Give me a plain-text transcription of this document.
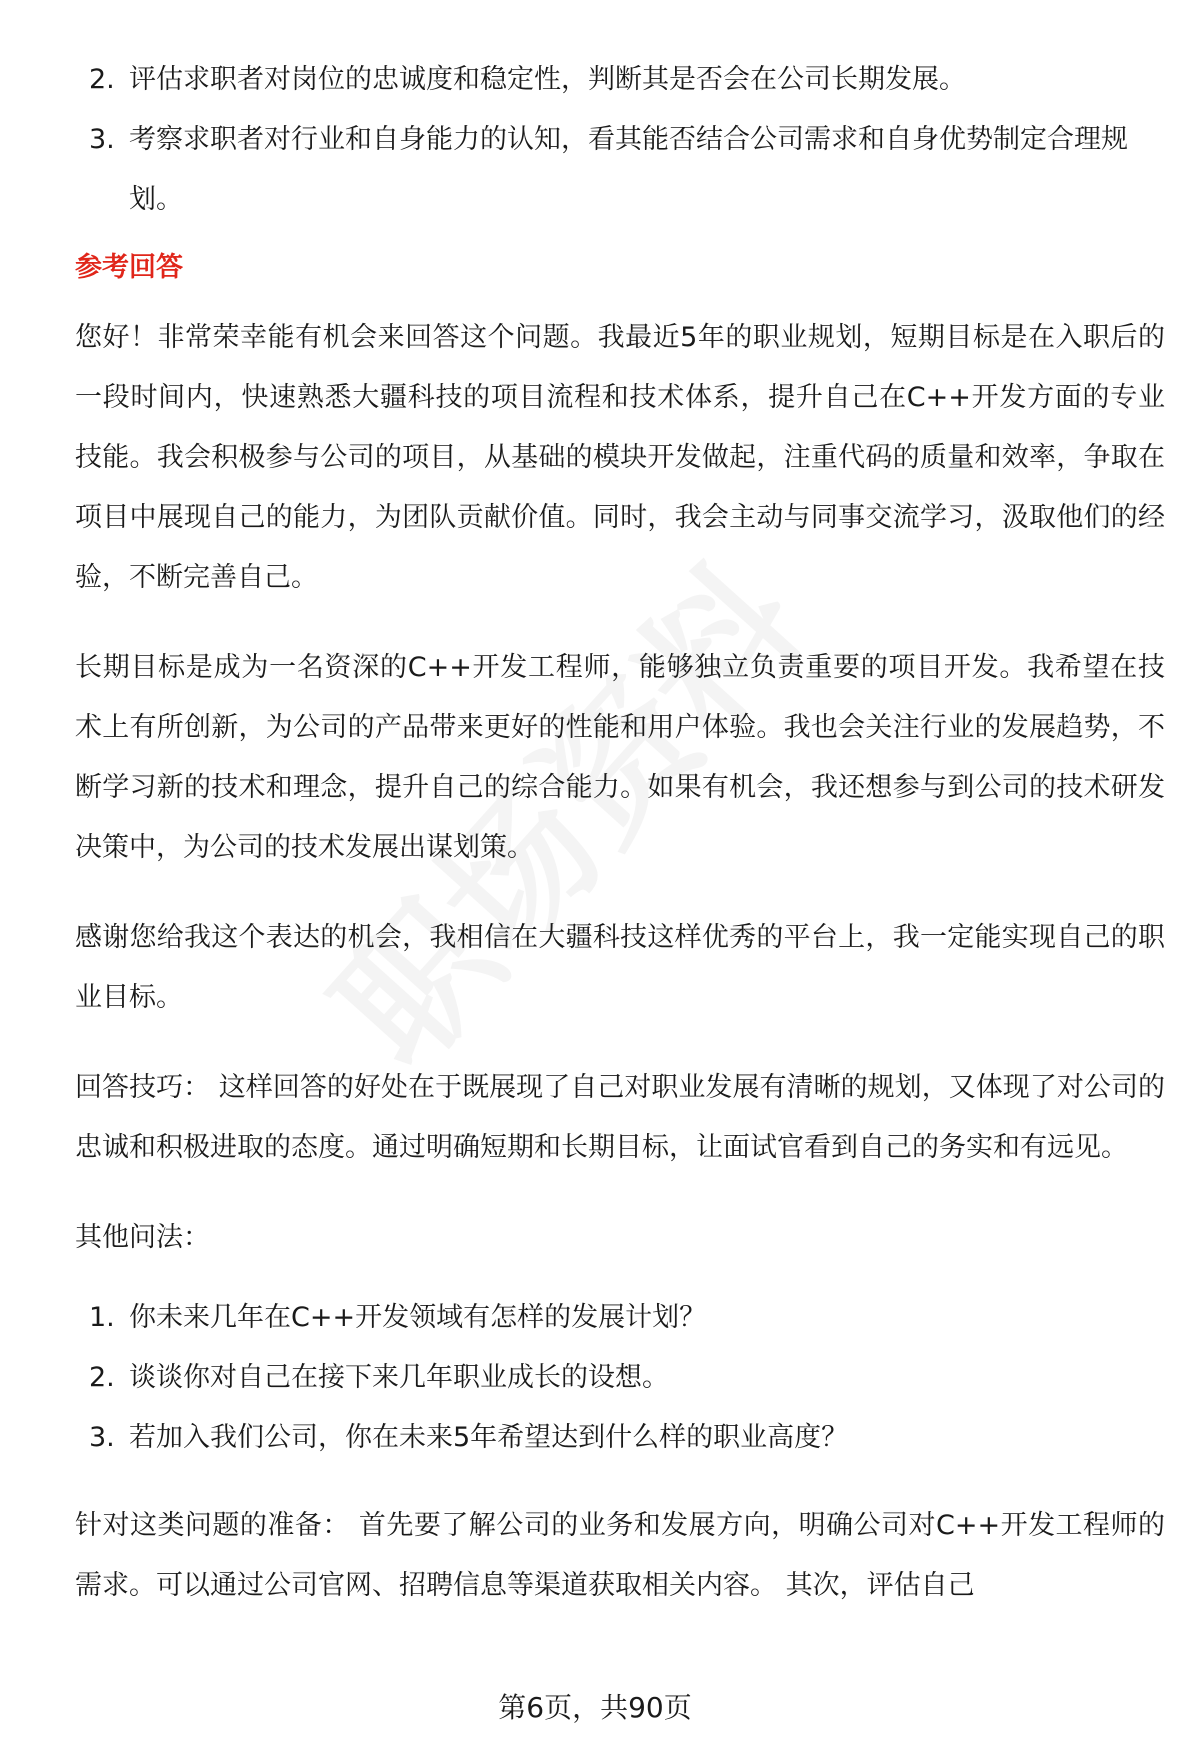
2. 评估求职者对岗位的忠诚度和稳定性，判断其是否会在公司长期发展。
3. 考察求职者对行业和自身能力的认知，看其能否结合公司需求和自身优势制定合理规划。
参考回答

您好！非常荣幸能有机会来回答这个问题。我最近5年的职业规划，短期目标是在入职后的一段时间内，快速熟悉大疆科技的项目流程和技术体系，提升自己在C++开发方面的专业技能。我会积极参与公司的项目，从基础的模块开发做起，注重代码的质量和效率，争取在项目中展现自己的能力，为团队贡献价值。同时，我会主动与同事交流学习，汲取他们的经验，不断完善自己。

长期目标是成为一名资深的C++开发工程师，能够独立负责重要的项目开发。我希望在技术上有所创新，为公司的产品带来更好的性能和用户体验。我也会关注行业的发展趋势，不断学习新的技术和理念，提升自己的综合能力。如果有机会，我还想参与到公司的技术研发决策中，为公司的技术发展出谋划策。

感谢您给我这个表达的机会，我相信在大疆科技这样优秀的平台上，我一定能实现自己的职业目标。

回答技巧： 这样回答的好处在于既展现了自己对职业发展有清晰的规划，又体现了对公司的忠诚和积极进取的态度。通过明确短期和长期目标，让面试官看到自己的务实和有远见。

其他问法：

1. 你未来几年在C++开发领域有怎样的发展计划？
2. 谈谈你对自己在接下来几年职业成长的设想。
3. 若加入我们公司，你在未来5年希望达到什么样的职业高度？

针对这类问题的准备： 首先要了解公司的业务和发展方向，明确公司对C++开发工程师的需求。可以通过公司官网、招聘信息等渠道获取相关内容。 其次，评估自己

第6页，共90页
